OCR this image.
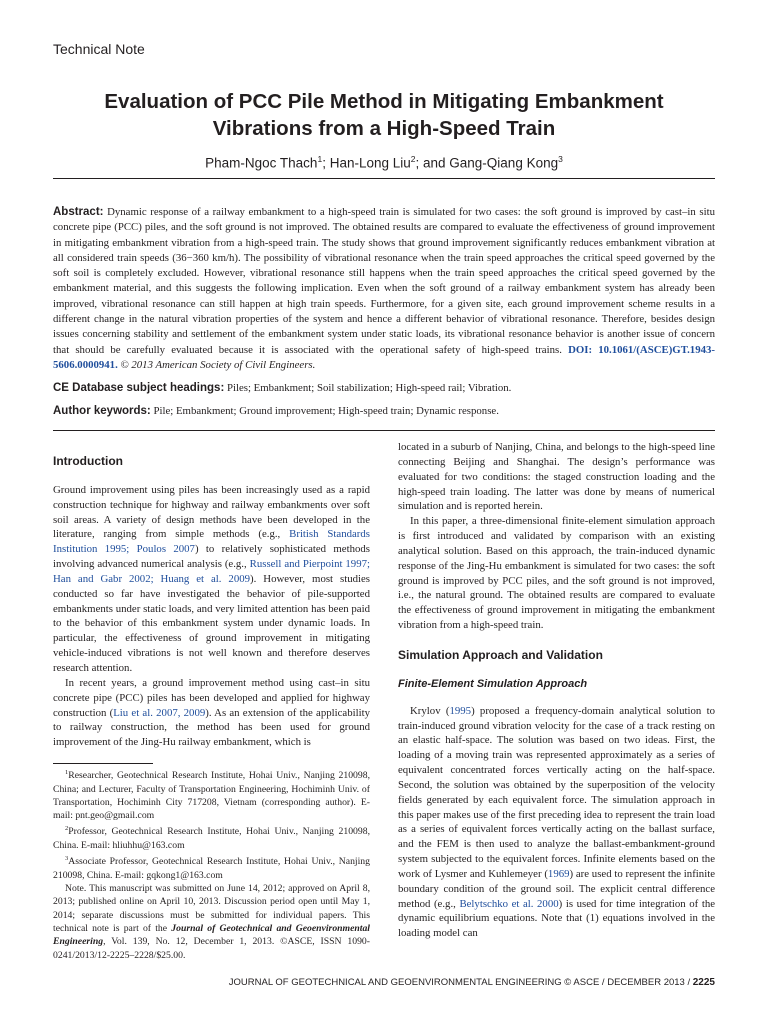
Technical Note
Evaluation of PCC Pile Method in Mitigating Embankment
Vibrations from a High-Speed Train
Pham-Ngoc Thach$^1$; Han-Long Liu$^2$; and Gang-Qiang Kong$^3$

Abstract: Dynamic response of a railway embankment to a high-speed train is simulated for two cases: the soft ground is improved by cast–in situ concrete pipe (PCC) piles, and the soft ground is not improved. The obtained results are compared to evaluate the effectiveness of ground improvement in mitigating embankment vibration from a high-speed train. The study shows that ground improvement significantly reduces embankment vibration at all considered train speeds (36−360 km/h). The possibility of vibrational resonance when the train speed approaches the critical speed governed by the soft soil is completely excluded. However, vibrational resonance still happens when the train speed approaches the critical speed governed by the embankment material, and this suggests the following implication. Even when the soft ground of a railway embankment system has already been improved, vibrational resonance can still happen at high train speeds. Furthermore, for a given site, each ground improvement scheme results in a different change in the natural vibration properties of the system and hence a different behavior of vibrational resonance. Therefore, besides design issues concerning stability and settlement of the embankment system under static loads, its vibrational resonance behavior is another issue of concern that should be carefully evaluated because it is associated with the operational safety of high-speed trains. DOI: 10.1061/(ASCE)GT.1943-5606.0000941. © 2013 American Society of Civil Engineers.

CE Database subject headings: Piles; Embankment; Soil stabilization; High-speed rail; Vibration.

Author keywords: Pile; Embankment; Ground improvement; High-speed train; Dynamic response.

Introduction

Ground improvement using piles has been increasingly used as a rapid construction technique for highway and railway embankments over soft soil areas. A variety of design methods have been developed in the literature, ranging from simple methods (e.g., British Standards Institution 1995; Poulos 2007) to relatively sophisticated methods involving advanced numerical analysis (e.g., Russell and Pierpoint 1997; Han and Gabr 2002; Huang et al. 2009). However, most studies conducted so far have investigated the behavior of pile-supported embankments under static loads, and very limited attention has been paid to the behavior of this embankment system under dynamic loads. In particular, the effectiveness of ground improvement in mitigating vehicle-induced vibrations is not well known and therefore deserves research attention.

In recent years, a ground improvement method using cast–in situ concrete pipe (PCC) piles has been developed and applied for highway construction (Liu et al. 2007, 2009). As an extension of the applicability to railway construction, the method has been used for ground improvement of the Jing-Hu railway embankment, which is

$^1$Researcher, Geotechnical Research Institute, Hohai Univ., Nanjing 210098, China; and Lecturer, Faculty of Transportation Engineering, Hochiminh Univ. of Transportation, Hochiminh City 717208, Vietnam (corresponding author). E-mail: pnt.geo@gmail.com

$^2$Professor, Geotechnical Research Institute, Hohai Univ., Nanjing 210098, China. E-mail: hliuhhu@163.com

$^3$Associate Professor, Geotechnical Research Institute, Hohai Univ., Nanjing 210098, China. E-mail: gqkong1@163.com

Note. This manuscript was submitted on June 14, 2012; approved on April 8, 2013; published online on April 10, 2013. Discussion period open until May 1, 2014; separate discussions must be submitted for individual papers. This technical note is part of the Journal of Geotechnical and Geoenvironmental Engineering, Vol. 139, No. 12, December 1, 2013. ©ASCE, ISSN 1090-0241/2013/12-2225–2228/$25.00.

located in a suburb of Nanjing, China, and belongs to the high-speed line connecting Beijing and Shanghai. The design’s performance was evaluated for two conditions: the staged construction loading and the high-speed train loading. The latter was done by means of numerical simulation and is reported herein.

In this paper, a three-dimensional finite-element simulation approach is first introduced and validated by comparison with an existing analytical solution. Based on this approach, the train-induced dynamic response of the Jing-Hu embankment is simulated for two cases: the soft ground is improved by PCC piles, and the soft ground is not improved, i.e., the natural ground. The obtained results are compared to evaluate the effectiveness of ground improvement in mitigating the embankment vibration from a high-speed train.

Simulation Approach and Validation
Finite-Element Simulation Approach

Krylov (1995) proposed a frequency-domain analytical solution to train-induced ground vibration velocity for the case of a track resting on an elastic half-space. The solution was based on two ideas. First, the loading of a moving train was represented approximately as a series of equivalent concentrated forces vertically acting on the half-space. Second, the solution was obtained by the superposition of the velocity fields generated by each equivalent force. The simulation approach in this paper makes use of the first preceding idea to represent the train load as a series of equivalent forces vertically acting on the ballast surface, and the FEM is then used to analyze the ballast-embankment-ground system subjected to the equivalent forces. Infinite elements based on the work of Lysmer and Kuhlemeyer (1969) are used to represent the infinite boundary condition of the ground soil. The explicit central difference method (e.g., Belytschko et al. 2000) is used for time integration of the dynamic equilibrium equations. Note that (1) equations involved in the loading model can

JOURNAL OF GEOTECHNICAL AND GEOENVIRONMENTAL ENGINEERING © ASCE / DECEMBER 2013 / 2225
